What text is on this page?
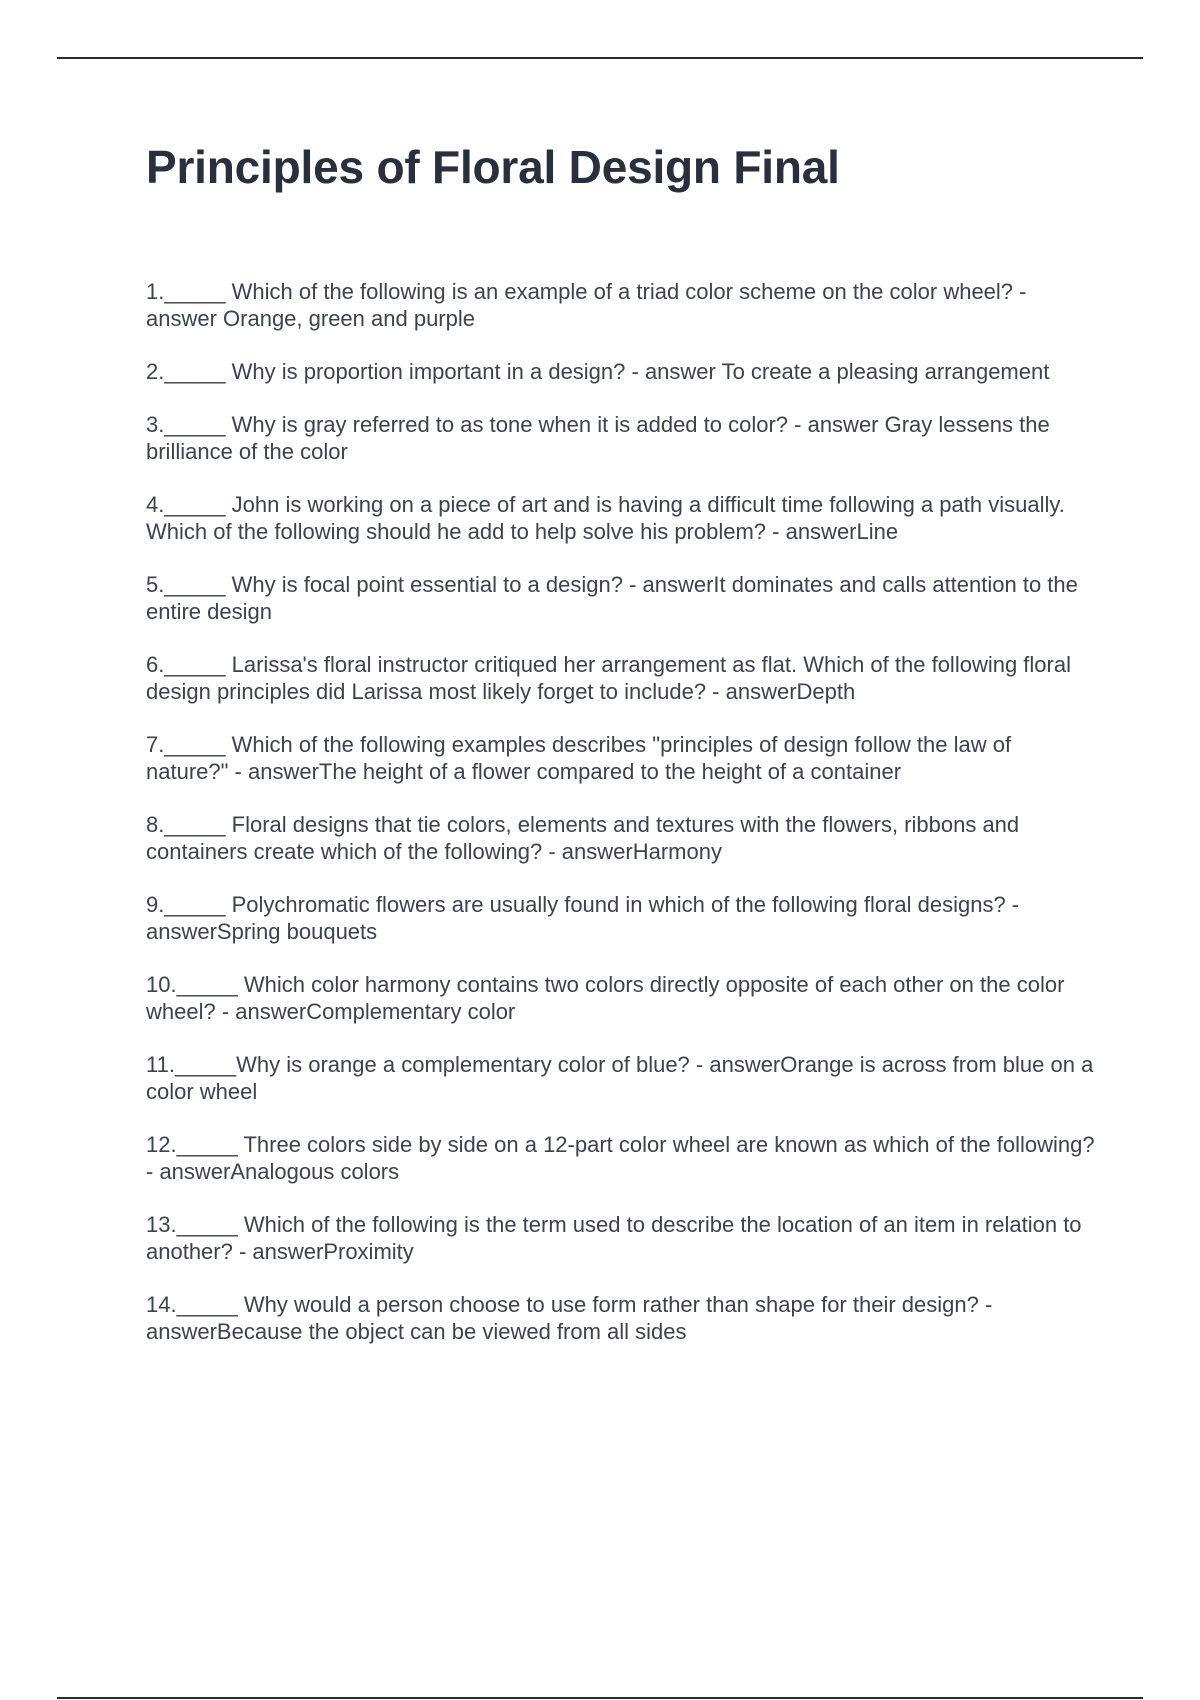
Principles of Floral Design Final

1._____ Which of the following is an example of a triad color scheme on the color wheel? - answer Orange, green and purple

2._____ Why is proportion important in a design? - answer To create a pleasing arrangement

3._____ Why is gray referred to as tone when it is added to color? - answer Gray lessens the brilliance of the color

4._____ John is working on a piece of art and is having a difficult time following a path visually. Which of the following should he add to help solve his problem? - answerLine

5._____ Why is focal point essential to a design? - answerIt dominates and calls attention to the entire design

6._____ Larissa's floral instructor critiqued her arrangement as flat. Which of the following floral design principles did Larissa most likely forget to include? - answerDepth

7._____ Which of the following examples describes "principles of design follow the law of nature?" - answerThe height of a flower compared to the height of a container

8._____ Floral designs that tie colors, elements and textures with the flowers, ribbons and containers create which of the following? - answerHarmony

9._____ Polychromatic flowers are usually found in which of the following floral designs? - answerSpring bouquets

10._____ Which color harmony contains two colors directly opposite of each other on the color wheel? - answerComplementary color

11._____Why is orange a complementary color of blue? - answerOrange is across from blue on a color wheel

12._____ Three colors side by side on a 12-part color wheel are known as which of the following? - answerAnalogous colors

13._____ Which of the following is the term used to describe the location of an item in relation to another? - answerProximity

14._____ Why would a person choose to use form rather than shape for their design? - answerBecause the object can be viewed from all sides
